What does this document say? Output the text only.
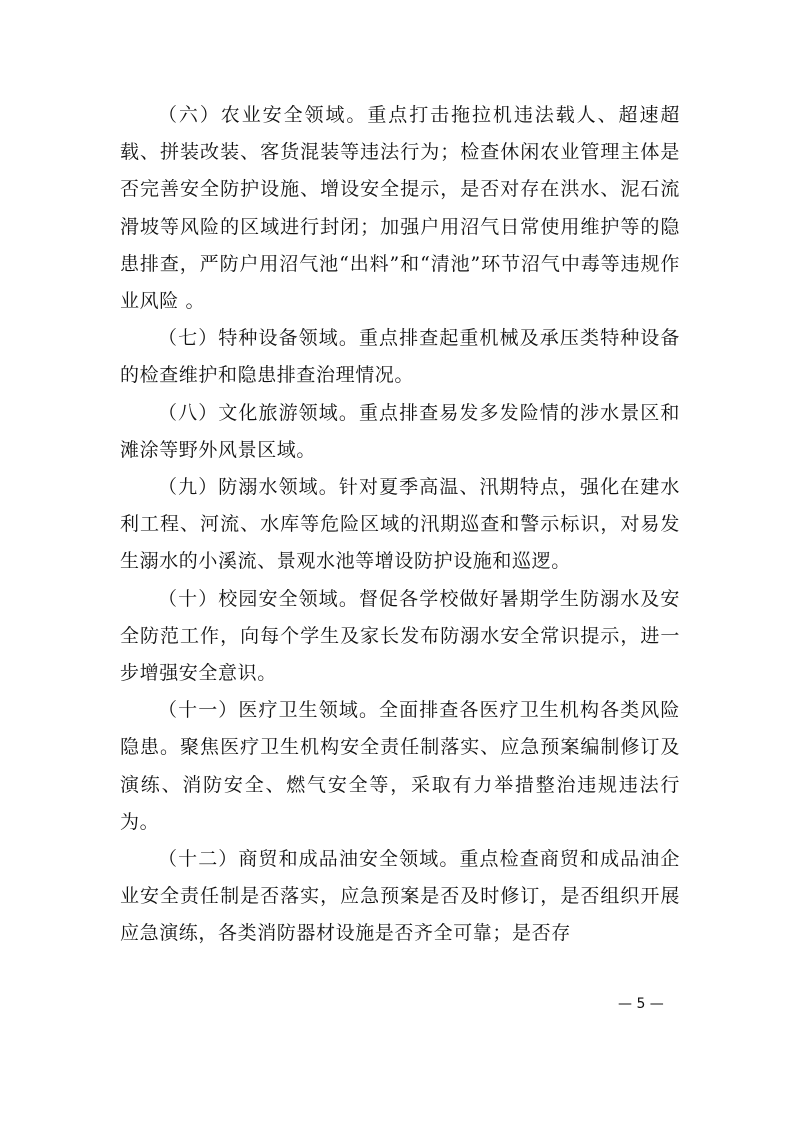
（六）农业安全领域。重点打击拖拉机违法载人、超速超载、拼装改装、客货混装等违法行为；检查休闲农业管理主体是否完善安全防护设施、增设安全提示，是否对存在洪水、泥石流滑坡等风险的区域进行封闭；加强户用沼气日常使用维护等的隐患排查，严防户用沼气池“出料”和“清池”环节沼气中毒等违规作业风险 。

（七）特种设备领域。重点排查起重机械及承压类特种设备的检查维护和隐患排查治理情况。

（八）文化旅游领域。重点排查易发多发险情的涉水景区和滩涂等野外风景区域。

（九）防溺水领域。针对夏季高温、汛期特点，强化在建水利工程、河流、水库等危险区域的汛期巡查和警示标识，对易发生溺水的小溪流、景观水池等增设防护设施和巡逻。

（十）校园安全领域。督促各学校做好暑期学生防溺水及安全防范工作，向每个学生及家长发布防溺水安全常识提示，进一步增强安全意识。

（十一）医疗卫生领域。全面排查各医疗卫生机构各类风险隐患。聚焦医疗卫生机构安全责任制落实、应急预案编制修订及演练、消防安全、燃气安全等，采取有力举措整治违规违法行为。

（十二）商贸和成品油安全领域。重点检查商贸和成品油企业安全责任制是否落实，应急预案是否及时修订，是否组织开展应急演练，各类消防器材设施是否齐全可靠；是否存

— 5 —
